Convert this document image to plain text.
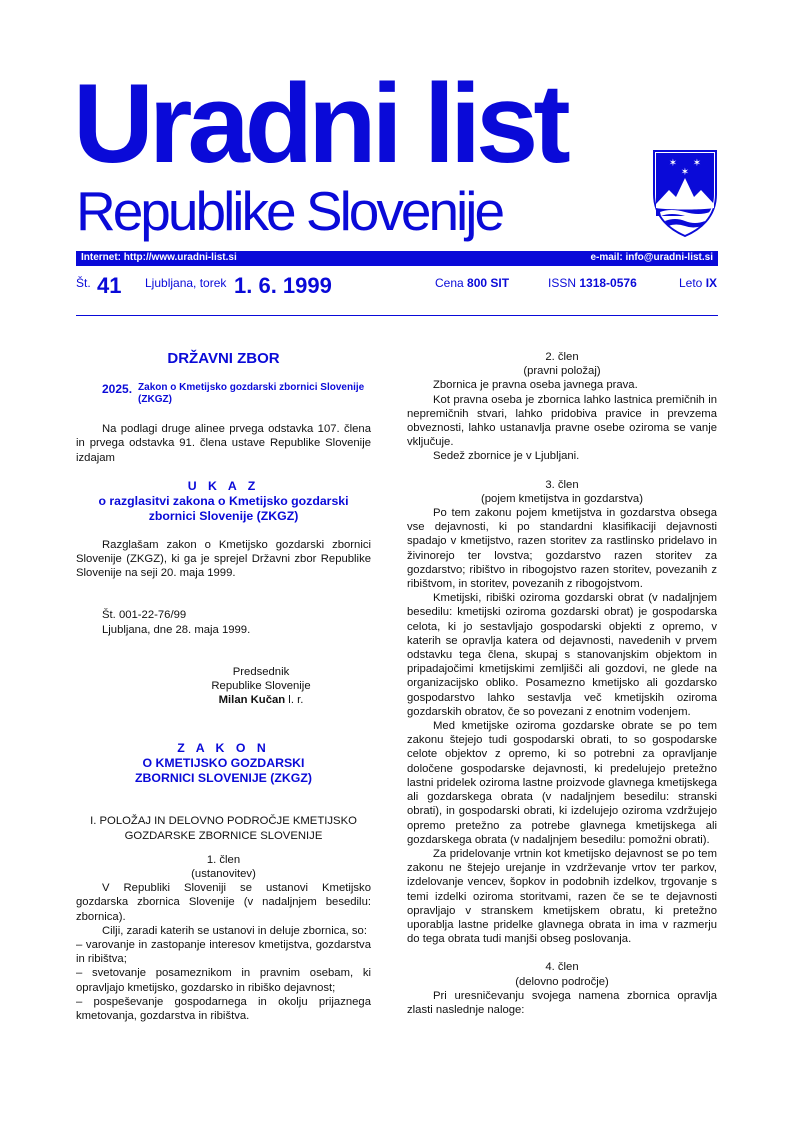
Uradni list
Republike Slovenije
✶ ✶
✶
Internet: http://www.uradni-list.si	e-mail: info@uradni-list.si
Št. 41 Ljubljana, torek 1. 6. 1999	Cena 800 SIT	ISSN 1318-0576	Leto IX
DRŽAVNI ZBOR
2025. Zakon o Kmetijsko gozdarski zbornici Slovenije (ZKGZ)

Na podlagi druge alinee prvega odstavka 107. člena in prvega odstavka 91. člena ustave Republike Slovenije izdajam

U K A Z
o razglasitvi zakona o Kmetijsko gozdarski zbornici Slovenije (ZKGZ)

Razglašam zakon o Kmetijsko gozdarski zbornici Slovenije (ZKGZ), ki ga je sprejel Državni zbor Republike Slovenije na seji 20. maja 1999.

Št. 001-22-76/99

Ljubljana, dne 28. maja 1999.

Predsednik

Republike Slovenije

Milan Kučan l. r.

Z A K O N
O KMETIJSKO GOZDARSKI ZBORNICI SLOVENIJE (ZKGZ)

I. POLOŽAJ IN DELOVNO PODROČJE KMETIJSKO GOZDARSKE ZBORNICE SLOVENIJE

1. člen

(ustanovitev)

V Republiki Sloveniji se ustanovi Kmetijsko gozdarska zbornica Slovenije (v nadaljnjem besedilu: zbornica).

Cilji, zaradi katerih se ustanovi in deluje zbornica, so:

– varovanje in zastopanje interesov kmetijstva, gozdarstva in ribištva;

– svetovanje posameznikom in pravnim osebam, ki opravljajo kmetijsko, gozdarsko in ribiško dejavnost;

– pospeševanje gospodarnega in okolju prijaznega kmetovanja, gozdarstva in ribištva.

2. člen

(pravni položaj)

Zbornica je pravna oseba javnega prava.

Kot pravna oseba je zbornica lahko lastnica premičnih in nepremičnih stvari, lahko pridobiva pravice in prevzema obveznosti, lahko ustanavlja pravne osebe oziroma se vanje vključuje.

Sedež zbornice je v Ljubljani.

3. člen

(pojem kmetijstva in gozdarstva)

Po tem zakonu pojem kmetijstva in gozdarstva obsega vse dejavnosti, ki po standardni klasifikaciji dejavnosti spadajo v kmetijstvo, razen storitev za rastlinsko pridelavo in živinorejo ter lovstva; gozdarstvo razen storitev za gozdarstvo; ribištvo in ribogojstvo razen storitev, povezanih z ribištvom, in storitev, povezanih z ribogojstvom.

Kmetijski, ribiški oziroma gozdarski obrat (v nadaljnjem besedilu: kmetijski oziroma gozdarski obrat) je gospodarska celota, ki jo sestavljajo gospodarski objekti z opremo, v katerih se opravlja katera od dejavnosti, navedenih v prvem odstavku tega člena, skupaj s stanovanjskim objektom in pripadajočimi kmetijskimi zemljišči ali gozdovi, ne glede na organizacijsko obliko. Posamezno kmetijsko ali gozdarsko gospodarstvo lahko sestavlja več kmetijskih oziroma gozdarskih obratov, če so povezani z enotnim vodenjem.

Med kmetijske oziroma gozdarske obrate se po tem zakonu štejejo tudi gospodarski obrati, to so gospodarske celote objektov z opremo, ki so potrebni za opravljanje določene gospodarske dejavnosti, ki predelujejo pretežno lastni pridelek oziroma lastne proizvode glavnega kmetijskega ali gozdarskega obrata (v nadaljnjem besedilu: stranski obrati), in gospodarski obrati, ki izdelujejo oziroma vzdržujejo opremo pretežno za potrebe glavnega kmetijskega ali gozdarskega obrata (v nadaljnjem besedilu: pomožni obrati).

Za pridelovanje vrtnin kot kmetijsko dejavnost se po tem zakonu ne štejejo urejanje in vzdrževanje vrtov ter parkov, izdelovanje vencev, šopkov in podobnih izdelkov, trgovanje s temi izdelki oziroma storitvami, razen če se te dejavnosti opravljajo v stranskem kmetijskem obratu, ki pretežno uporablja lastne pridelke glavnega obrata in ima v razmerju do tega obrata tudi manjši obseg poslovanja.

4. člen

(delovno področje)

Pri uresničevanju svojega namena zbornica opravlja zlasti naslednje naloge:
